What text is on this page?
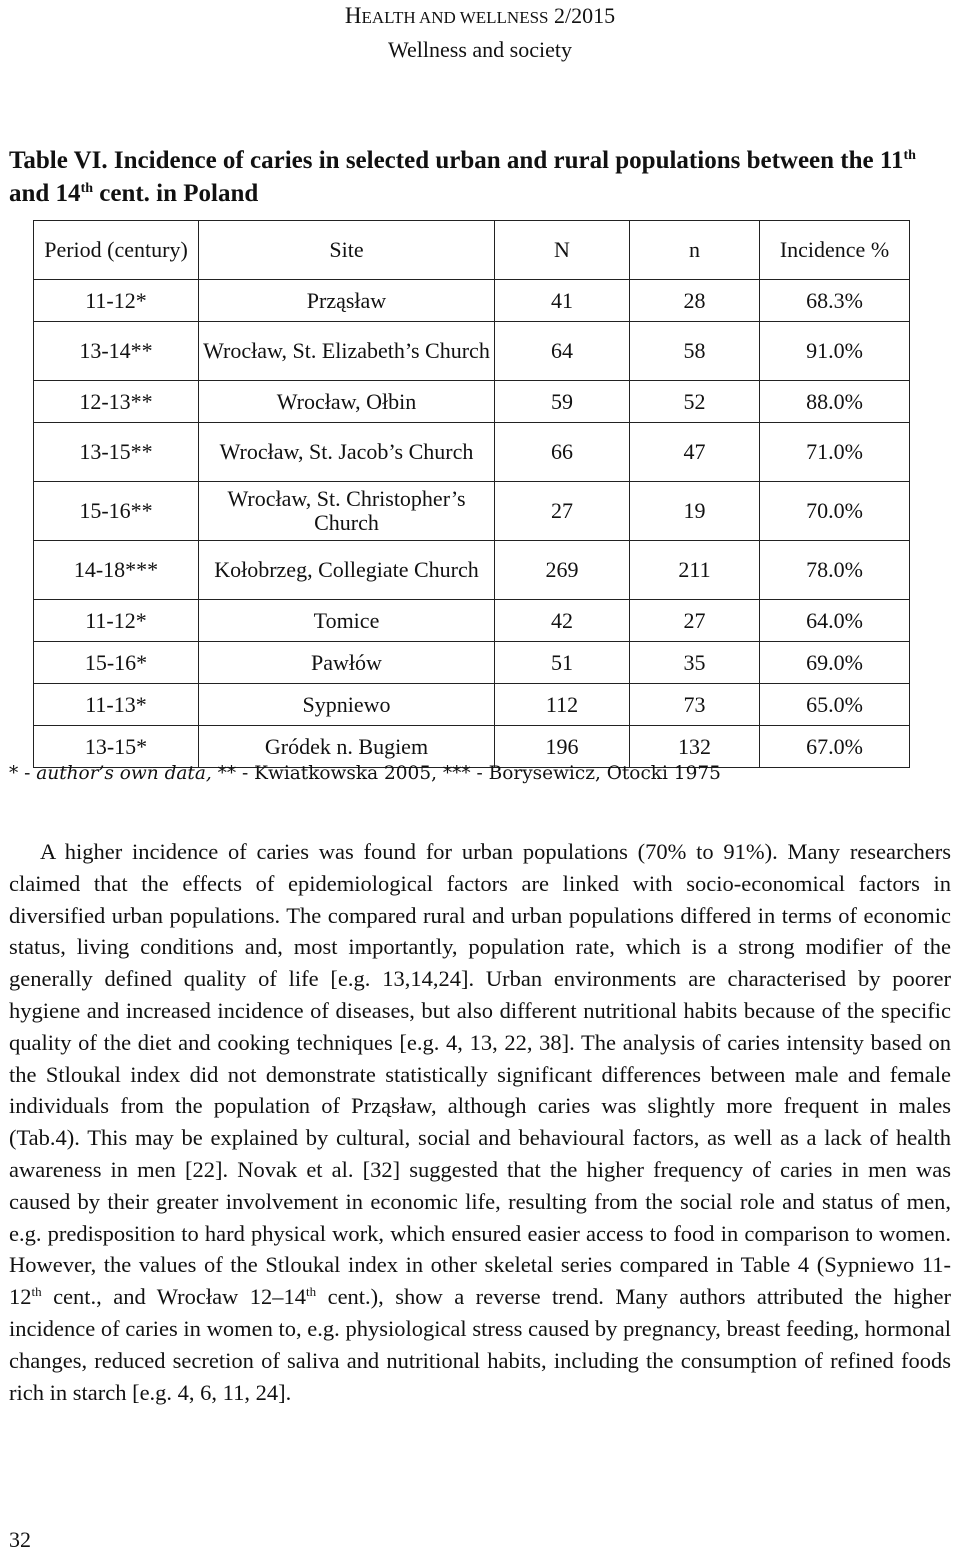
HEALTH AND WELLNESS 2/2015
Wellness and society
Table VI. Incidence of caries in selected urban and rural populations between the 11th and 14th cent. in Poland
Period (century)	Site	N	n	Incidence %
11-12*	Prząsław	41	28	68.3%
13-14**	Wrocław, St. Elizabeth’s Church	64	58	91.0%
12-13**	Wrocław, Ołbin	59	52	88.0%
13-15**	Wrocław, St. Jacob’s Church	66	47	71.0%
15-16**	Wrocław, St. Christopher’s Church	27	19	70.0%
14-18***	Kołobrzeg, Collegiate Church	269	211	78.0%
11-12*	Tomice	42	27	64.0%
15-16*	Pawłów	51	35	69.0%
11-13*	Sypniewo	112	73	65.0%
13-15*	Gródek n. Bugiem	196	132	67.0%
* - author’s own data, ** - Kwiatkowska 2005, *** - Borysewicz, Otocki 1975

A higher incidence of caries was found for urban populations (70% to 91%). Many researchers claimed that the effects of epidemiological factors are linked with socio-economical factors in diversified urban populations. The compared rural and urban populations differed in terms of economic status, living conditions and, most importantly, population rate, which is a strong modifier of the generally defined quality of life [e.g. 13,14,24]. Urban environments are characterised by poorer hygiene and increased incidence of diseases, but also different nutritional habits because of the specific quality of the diet and cooking techniques [e.g. 4, 13, 22, 38]. The analysis of caries intensity based on the Stloukal index did not demonstrate statistically significant differences between male and female individuals from the population of Prząsław, although caries was slightly more frequent in males (Tab.4). This may be explained by cultural, social and behavioural factors, as well as a lack of health awareness in men [22]. Novak et al. [32] suggested that the higher frequency of caries in men was caused by their greater involvement in economic life, resulting from the social role and status of men, e.g. predisposition to hard physical work, which ensured easier access to food in comparison to women. However, the values of the Stloukal index in other skeletal series compared in Table 4 (Sypniewo 11-12th cent., and Wrocław 12–14th cent.), show a reverse trend. Many authors attributed the higher incidence of caries in women to, e.g. physiological stress caused by pregnancy, breast feeding, hormonal changes, reduced secretion of saliva and nutritional habits, including the consumption of refined foods rich in starch [e.g. 4, 6, 11, 24].

32
